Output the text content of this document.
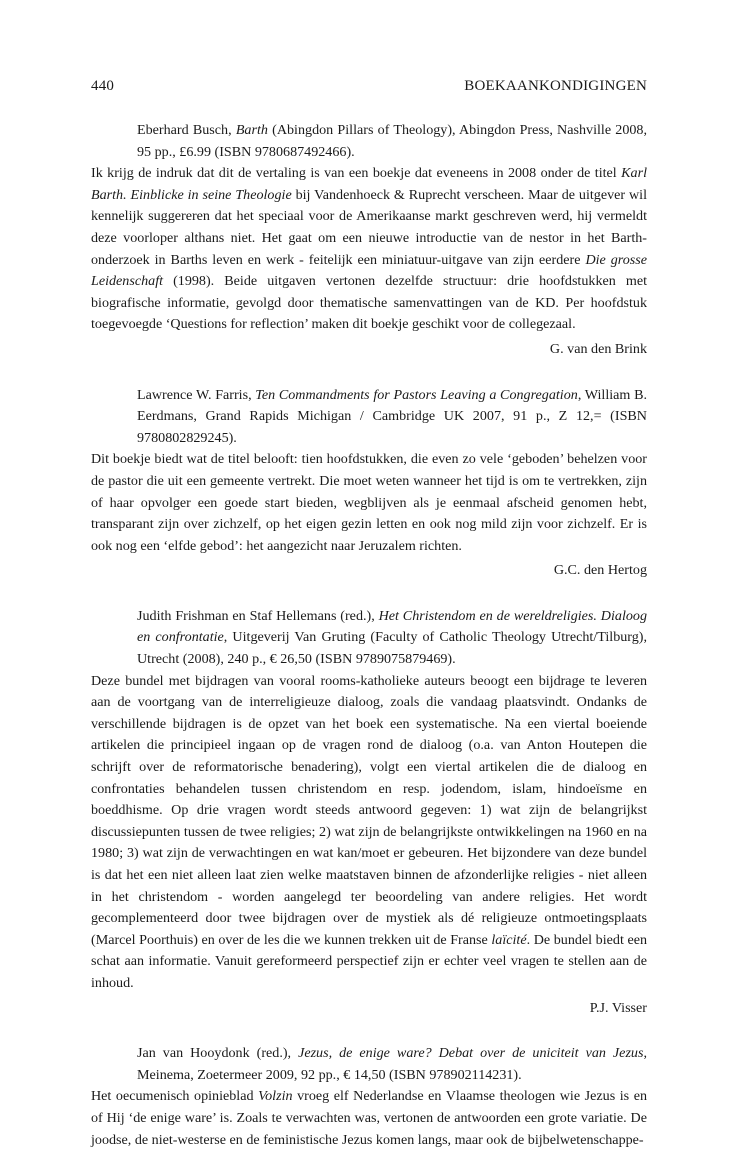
440	BOEKAANKONDIGINGEN
Eberhard Busch, Barth (Abingdon Pillars of Theology), Abingdon Press, Nashville 2008, 95 pp., £6.99 (ISBN 9780687492466).

Ik krijg de indruk dat dit de vertaling is van een boekje dat eveneens in 2008 onder de titel Karl Barth. Einblicke in seine Theologie bij Vandenhoeck & Ruprecht verscheen. Maar de uitgever wil kennelijk suggereren dat het speciaal voor de Amerikaanse markt geschreven werd, hij vermeldt deze voorloper althans niet. Het gaat om een nieuwe introductie van de nestor in het Barth-onderzoek in Barths leven en werk - feitelijk een miniatuur-uitgave van zijn eerdere Die grosse Leidenschaft (1998). Beide uitgaven vertonen dezelfde structuur: drie hoofdstukken met biografische informatie, gevolgd door thematische samenvattingen van de KD. Per hoofdstuk toegevoegde ‘Questions for reflection’ maken dit boekje geschikt voor de collegezaal.

G. van den Brink
Lawrence W. Farris, Ten Commandments for Pastors Leaving a Congregation, William B. Eerdmans, Grand Rapids Michigan / Cambridge UK 2007, 91 p., Z 12,= (ISBN 9780802829245).

Dit boekje biedt wat de titel belooft: tien hoofdstukken, die even zo vele ‘geboden’ behelzen voor de pastor die uit een gemeente vertrekt. Die moet weten wanneer het tijd is om te vertrekken, zijn of haar opvolger een goede start bieden, wegblijven als je eenmaal afscheid genomen hebt, transparant zijn over zichzelf, op het eigen gezin letten en ook nog mild zijn voor zichzelf. Er is ook nog een ‘elfde gebod’: het aangezicht naar Jeruzalem richten.

G.C. den Hertog
Judith Frishman en Staf Hellemans (red.), Het Christendom en de wereldreligies. Dialoog en confrontatie, Uitgeverij Van Gruting (Faculty of Catholic Theology Utrecht/Tilburg), Utrecht (2008), 240 p., € 26,50 (ISBN 9789075879469).

Deze bundel met bijdragen van vooral rooms-katholieke auteurs beoogt een bijdrage te leveren aan de voortgang van de interreligieuze dialoog, zoals die vandaag plaatsvindt. Ondanks de verschillende bijdragen is de opzet van het boek een systematische. Na een viertal boeiende artikelen die principieel ingaan op de vragen rond de dialoog (o.a. van Anton Houtepen die schrijft over de reformatorische benadering), volgt een viertal artikelen die de dialoog en confrontaties behandelen tussen christendom en resp. jodendom, islam, hindoeïsme en boeddhisme. Op drie vragen wordt steeds antwoord gegeven: 1) wat zijn de belangrijkst discussiepunten tussen de twee religies; 2) wat zijn de belangrijkste ontwikkelingen na 1960 en na 1980; 3) wat zijn de verwachtingen en wat kan/moet er gebeuren. Het bijzondere van deze bundel is dat het een niet alleen laat zien welke maatstaven binnen de afzonderlijke religies - niet alleen in het christendom - worden aangelegd ter beoordeling van andere religies. Het wordt gecomplementeerd door twee bijdragen over de mystiek als dé religieuze ontmoetingsplaats (Marcel Poorthuis) en over de les die we kunnen trekken uit de Franse laïcité. De bundel biedt een schat aan informatie. Vanuit gereformeerd perspectief zijn er echter veel vragen te stellen aan de inhoud.

P.J. Visser
Jan van Hooydonk (red.), Jezus, de enige ware? Debat over de uniciteit van Jezus, Meinema, Zoetermeer 2009, 92 pp., € 14,50 (ISBN 978902114231).

Het oecumenisch opinieblad Volzin vroeg elf Nederlandse en Vlaamse theologen wie Jezus is en of Hij ‘de enige ware’ is. Zoals te verwachten was, vertonen de antwoorden een grote variatie. De joodse, de niet-westerse en de feministische Jezus komen langs, maar ook de bijbelwetenschappe-
